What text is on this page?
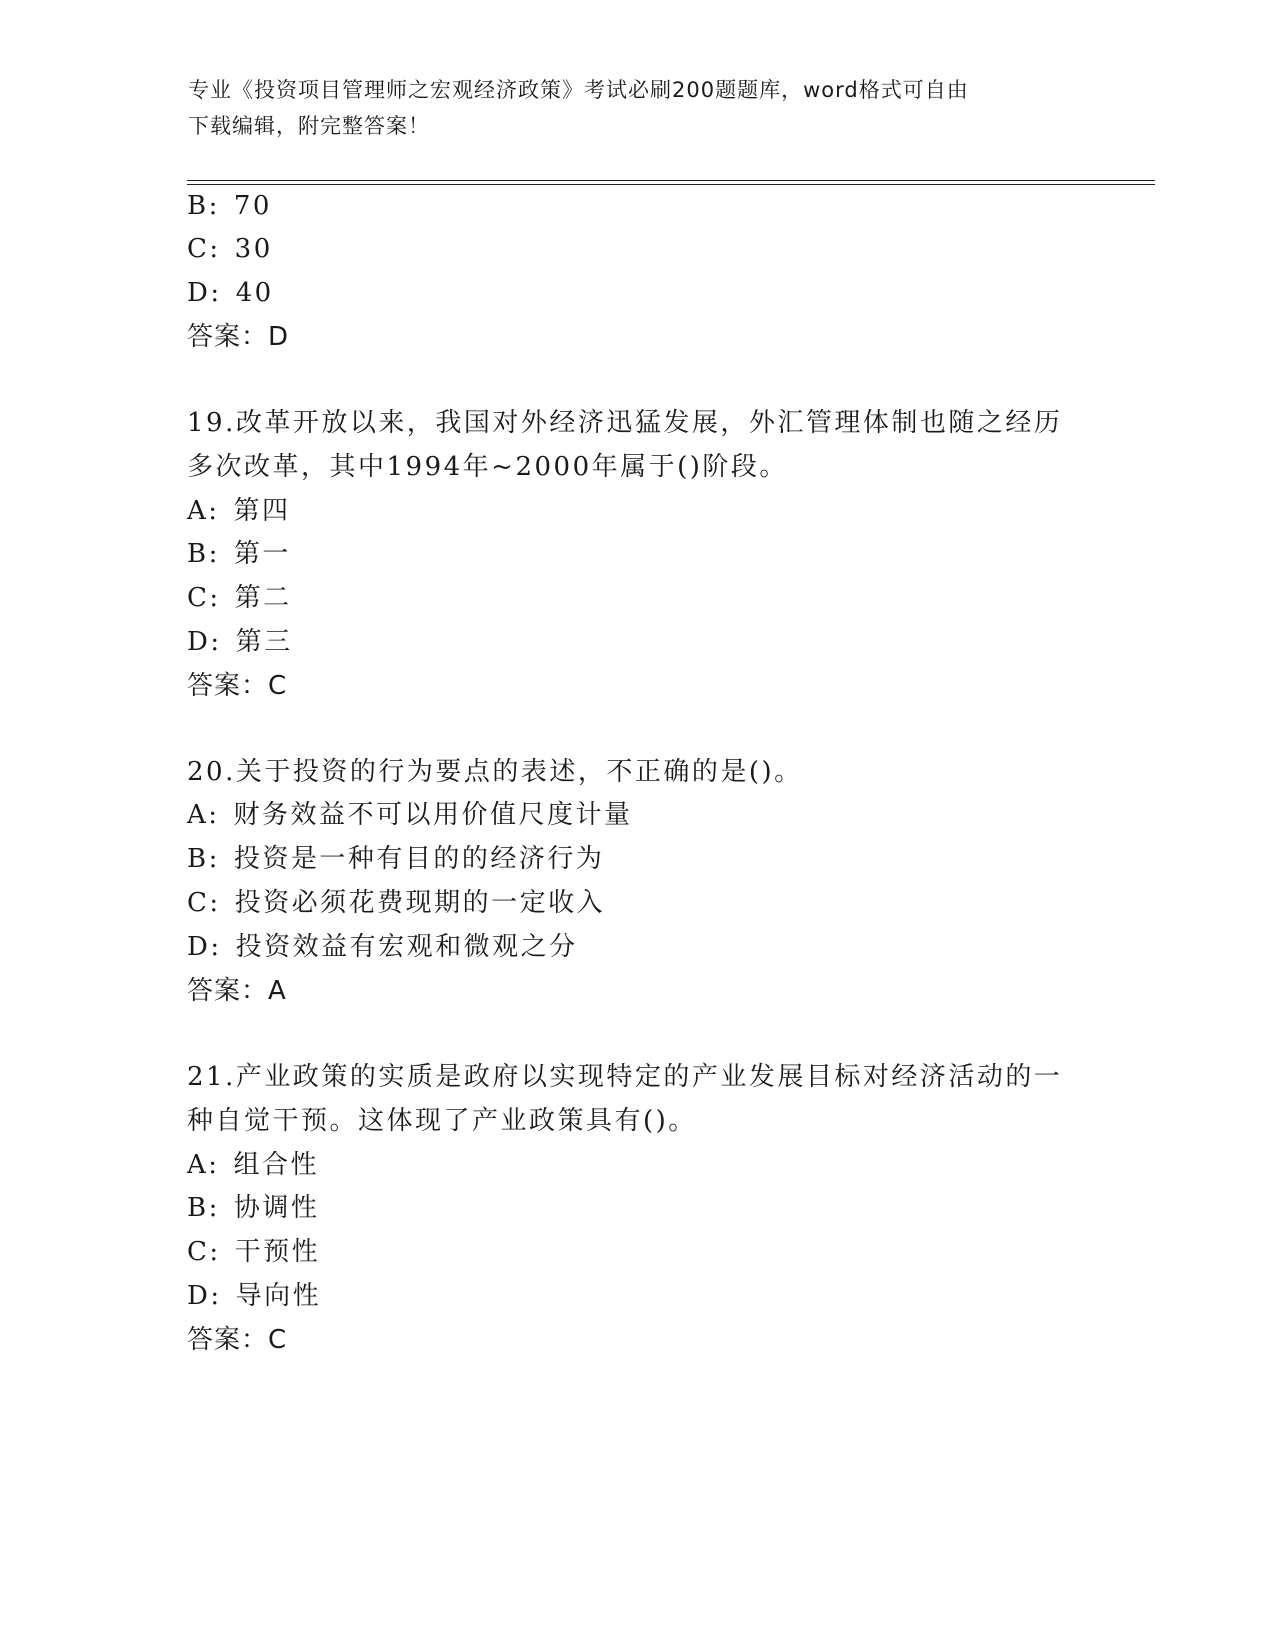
专业《投资项目管理师之宏观经济政策》考试必刷200题题库，word格式可自由
下载编辑，附完整答案！
B: 70
C: 30
D: 40
答案：D
19.改革开放以来，我国对外经济迅猛发展，外汇管理体制也随之经历
多次改革，其中1994年~2000年属于()阶段。
A: 第四
B: 第一
C: 第二
D: 第三
答案：C
20.关于投资的行为要点的表述，不正确的是()。
A: 财务效益不可以用价值尺度计量
B: 投资是一种有目的的经济行为
C: 投资必须花费现期的一定收入
D: 投资效益有宏观和微观之分
答案：A
21.产业政策的实质是政府以实现特定的产业发展目标对经济活动的一
种自觉干预。这体现了产业政策具有()。
A: 组合性
B: 协调性
C: 干预性
D: 导向性
答案：C
